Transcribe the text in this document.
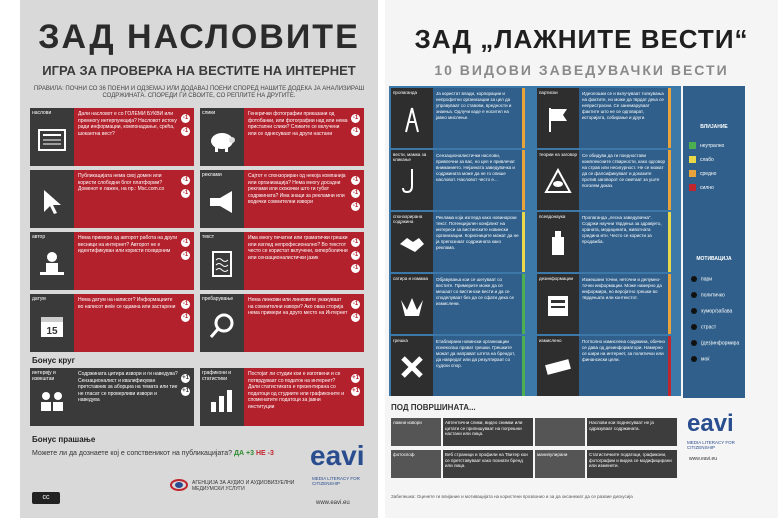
ЗАД НАСЛОВИТЕ
ИГРА ЗА ПРОВЕРКА НА ВЕСТИТЕ НА ИНТЕРНЕТ
ПРАВИЛА: ПОЧНИ СО 36 ПОЕНИ И ОДЗЕМАЈ ИЛИ ДОДАВАЈ ПОЕНИ СПОРЕД НАШИТЕ ДОДЕКА ЈА АНАЛИЗИРАШ СОДРЖИНАТА. СПОРЕДИ ГИ СВОИТЕ, СО РЕПЛИТЕ НА ДРУГИТЕ.
наслови	Дали насловот е со ГОЛЕМИ БУКВИ или премногу интерпункција? Насловот истоку ради информации, компонаданье, срећа, шокантна вест?
-1
-1
слики	Генерички фотографии приказани од фотобанки, или фотографии над или нема пристапни слики? Сликите се вклучени или се однесуваат на други настани
-1
-1
Публикацијата нема свој домен или користи слободни блог платформи? Доменот е лажен, на пр.: Msc.com.co
-1
-1
реклами	Сајтот е спонзориран од некоја компанија или организација? Нема многу досадни реклами или скокачки што ги губат содржината? Има знаци за рекламни или водечки сомнителни извори
-1
-1
-1
автор	Нема примери од авторот работа на други весници на интернет? Авторот не е идентификуван или користи псевдоним
-1
-1
текст	Има многу печатни или граматички грешки или изглед непрофесионално? Во текстот често се користат вклучени, хиперболични или сензационалистички јазик
-1
-1
-1
датум
15
Нема датум на написот? Информациите во написот веќе се одамна или застарени	-1
-1
пребарување	Нема линкови или линковите укажуваат на сомнителни извори? Ако оваа сторија нема примери на друго место на Интернет
-1
-1
Бонус круг
интервју и извештаи
Содржината цитира извори и ги наведува? Сензационалист и квалификуван претставник за аборциа на темата или тие не гласат се проверливи извори и наведува
+1
+1
графикони и статистики
Постојат ли студии кои е изготвени и се потврдуваат со податок на интернет? Дали статистиката е презентирана со податоци од студиите или графиконите и споменатите податоци за јавни институции
+1
+1
Бонус прашање
Можете ли да дознаете кој е сопственикот на публикацијата? ДА +3 НЕ -3	eavi
MEDIA LITERACY FOR CITIZENSHIP
www.eavi.eu
АГЕНЦИЈА ЗА АУДИО И АУДИОВИЗУЕЛНИ МЕДИУМСКИ УСЛУГИ
cc
ЗАД „ЛАЖНИТЕ ВЕСТИ“
10 ВИДОВИ ЗАВЕДУВАЧКИ ВЕСТИ
пропаганда	Ја користат влади, корпорации и непрофитни организации за цел да управуваат со ставови, вредности и знаења. Одлучи каде е носител на јавно мислење.
партиски	Идеолошки се и вклучуваат толкувања на фактите, но може да тврдат дека се непристрасни. Се занемаруваат фактите што не се одговарат, историјата, собирање и други.
вести, мамка за кликање
Сензационалистички наслови, привлечни за вас, но цел е привлечат вниманието. Нејзината заведувачка и содржината може да не го опише насловот. Насловот често е...
теории на заговор Се обидува да ги поедностави комплексните стварности, како одговор на страв или несигурност. Не се можат да се фалсификуваат и доказите против заговорот се сметаат за уште поголем доказ.
спонзорирана содржина
Реклама која изгледа како новинарски текст. Потенцијален конфликт на интереси за вистинските новински организации. Корисниците можат да не ја препознаат содржината како реклама.
псевдонаука	Пропаганда „лесна заведувачка“. Содржи научни тврдења за здравјето, храната, медицината, животната средина итн. Често се користи за продажба.
сатира и измама	Објавувања кои се шегуваат со вестите. Примерите може да се мешаат со вистински вести и да се споделуваат без да се сфати дека се измислени.
дезинформации	Измешани точни, неточни и делумно-точни информации. Може намерно да информира, но веројатно грешки во тврдењата или контекстот.
грешка	Етаблирани новински организации понекогаш прават грешки. Грешките можат да направат штета на брендот, да навредат или да резултираат со судски спор.
измислено	Потполно измислена содржина, обично се дава од дезинформатори. Намерно се шири на интернет, за политички или финансиски цели.
ВЛИЈАНИЕ
неутрално
слабо
средно
силно
МОТИВАЦИЈА
пари
политичко
хумор/забава
страст
(дез)информира
моќ
ПОД ПОВРШИНАТА...
лажни извори	Автентични слики, видео снимки или цитати се припишуваат на погрешни настани или лица.
Наслови кои поднесуваат не ја одразуваат содржината.
фотоспоф	Веб страници и профили на Твитер кои се претставуваат како познати бренд или лица.
манипулирани	Статистичките податоци, графикони, фотографии и видеа се модифицирани или изменети.
eavi
MEDIA LITERACY FOR CITIZENSHIP
www.eavi.eu
Забелешка: Оценете ги влијание и мотивацијата на користени прозвонио и за да оксанежат да се развие дискусија
